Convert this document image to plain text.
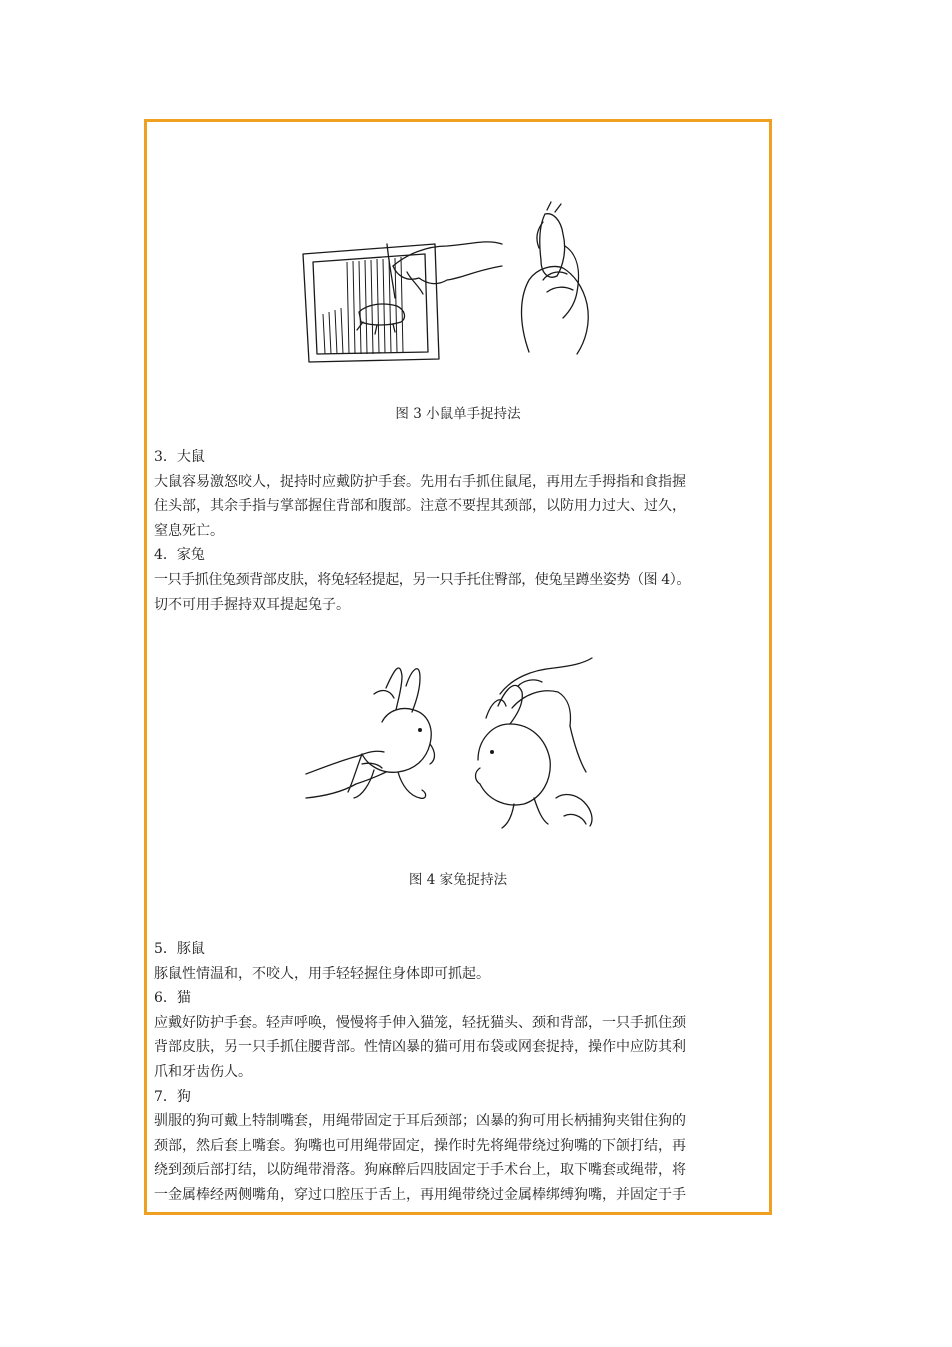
图 3 小鼠单手捉持法

3．大鼠

大鼠容易激怒咬人，捉持时应戴防护手套。先用右手抓住鼠尾，再用左手拇指和食指握

住头部，其余手指与掌部握住背部和腹部。注意不要捏其颈部，以防用力过大、过久，

窒息死亡。

4．家兔

一只手抓住兔颈背部皮肤，将兔轻轻提起，另一只手托住臀部，使兔呈蹲坐姿势（图 4）。

切不可用手握持双耳提起兔子。

图 4 家兔捉持法

5．豚鼠

豚鼠性情温和，不咬人，用手轻轻握住身体即可抓起。

6．猫

应戴好防护手套。轻声呼唤，慢慢将手伸入猫笼，轻抚猫头、颈和背部，一只手抓住颈

背部皮肤，另一只手抓住腰背部。性情凶暴的猫可用布袋或网套捉持，操作中应防其利

爪和牙齿伤人。

7．狗

驯服的狗可戴上特制嘴套，用绳带固定于耳后颈部；凶暴的狗可用长柄捕狗夹钳住狗的

颈部，然后套上嘴套。狗嘴也可用绳带固定，操作时先将绳带绕过狗嘴的下颌打结，再

绕到颈后部打结，以防绳带滑落。狗麻醉后四肢固定于手术台上，取下嘴套或绳带，将

一金属棒经两侧嘴角，穿过口腔压于舌上，再用绳带绕过金属棒绑缚狗嘴，并固定于手
